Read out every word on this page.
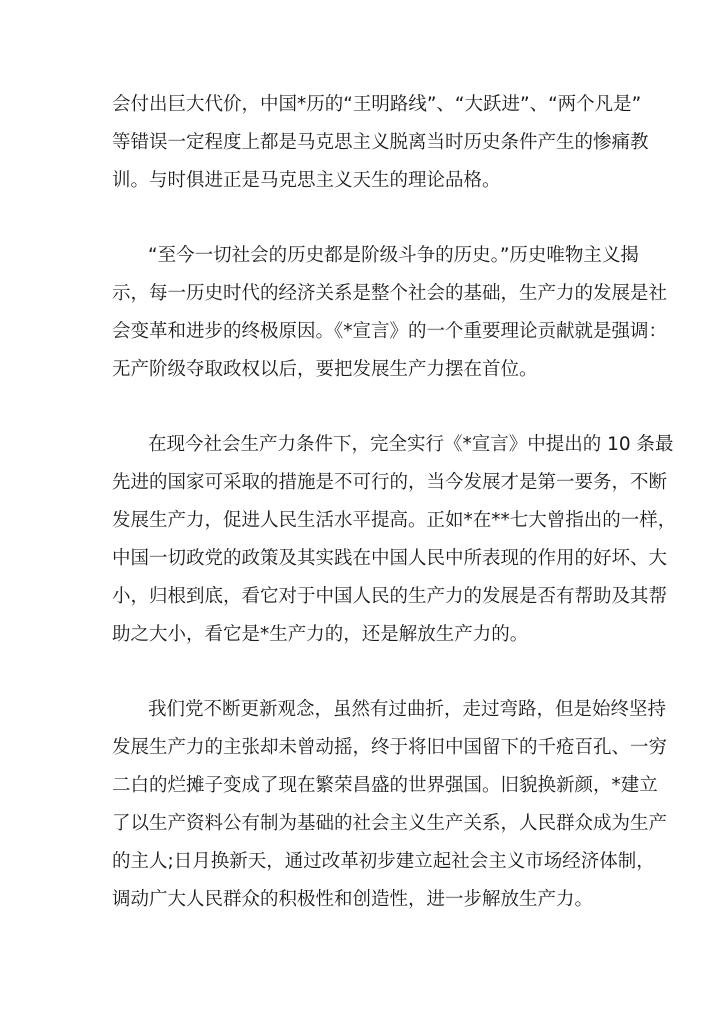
会付出巨大代价，中国*历的“王明路线”、“大跃进”、“两个凡是”
等错误一定程度上都是马克思主义脱离当时历史条件产生的惨痛教
训。与时俱进正是马克思主义天生的理论品格。
“至今一切社会的历史都是阶级斗争的历史。”历史唯物主义揭
示，每一历史时代的经济关系是整个社会的基础，生产力的发展是社
会变革和进步的终极原因。《*宣言》的一个重要理论贡献就是强调：
无产阶级夺取政权以后，要把发展生产力摆在首位。
在现今社会生产力条件下，完全实行《*宣言》中提出的 10 条最
先进的国家可采取的措施是不可行的，当今发展才是第一要务，不断
发展生产力，促进人民生活水平提高。正如*在**七大曾指出的一样，
中国一切政党的政策及其实践在中国人民中所表现的作用的好坏、大
小，归根到底，看它对于中国人民的生产力的发展是否有帮助及其帮
助之大小，看它是*生产力的，还是解放生产力的。
我们党不断更新观念，虽然有过曲折，走过弯路，但是始终坚持
发展生产力的主张却未曾动摇，终于将旧中国留下的千疮百孔、一穷
二白的烂摊子变成了现在繁荣昌盛的世界强国。旧貌换新颜，*建立
了以生产资料公有制为基础的社会主义生产关系，人民群众成为生产
的主人;日月换新天，通过改革初步建立起社会主义市场经济体制，
调动广大人民群众的积极性和创造性，进一步解放生产力。
